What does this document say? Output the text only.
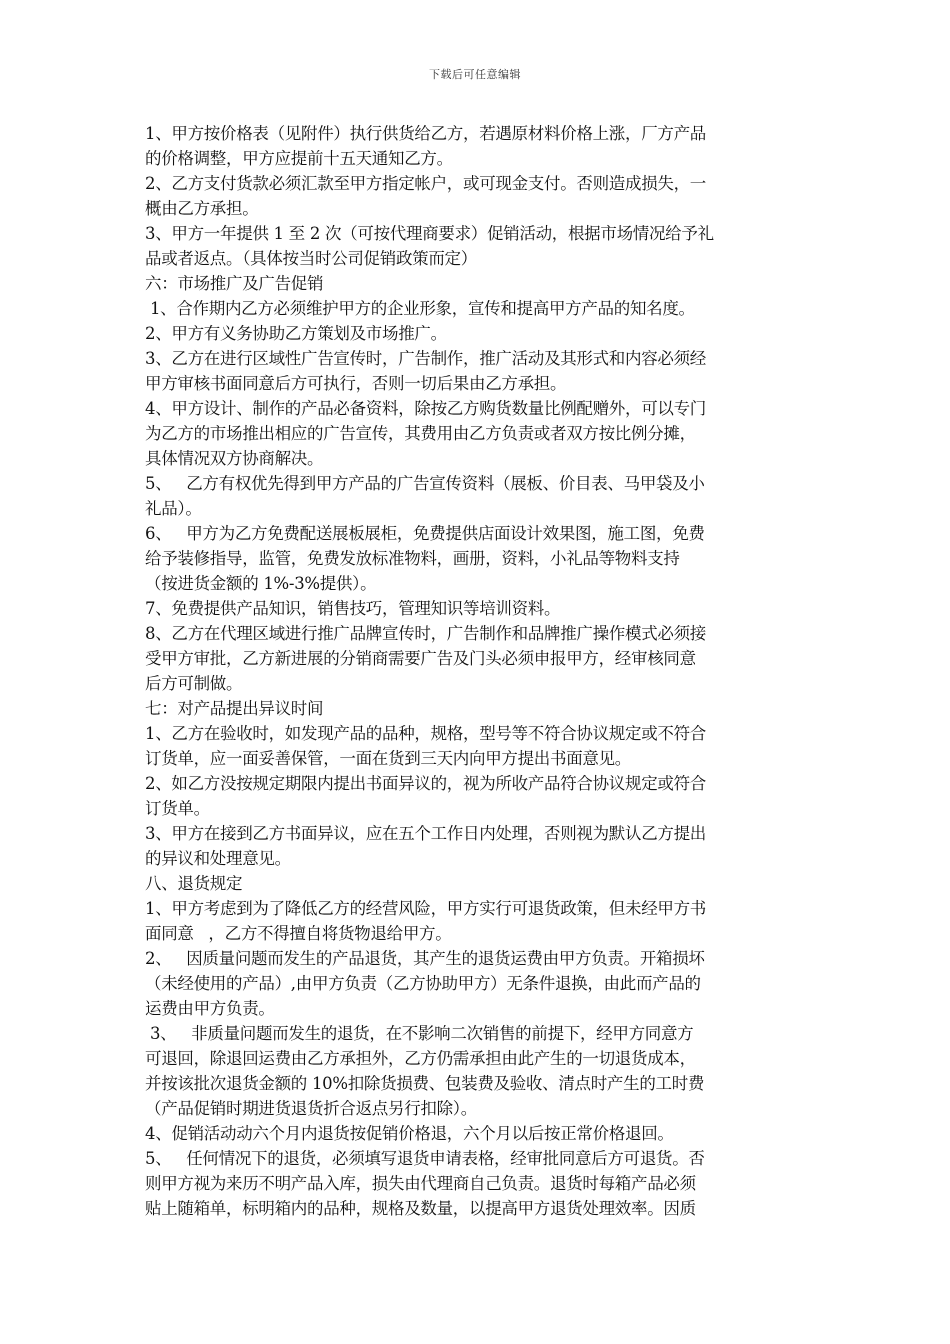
下载后可任意编辑
1、甲方按价格表（见附件）执行供货给乙方，若遇原材料价格上涨，厂方产品
的价格调整，甲方应提前十五天通知乙方。
2、乙方支付货款必须汇款至甲方指定帐户，或可现金支付。否则造成损失，一
概由乙方承担。
3、甲方一年提供 1 至 2 次（可按代理商要求）促销活动，根据市场情况给予礼
品或者返点。（具体按当时公司促销政策而定）
六：市场推广及广告促销
1、合作期内乙方必须维护甲方的企业形象，宣传和提高甲方产品的知名度。
2、甲方有义务协助乙方策划及市场推广。
3、乙方在进行区域性广告宣传时，广告制作，推广活动及其形式和内容必须经
甲方审核书面同意后方可执行，否则一切后果由乙方承担。
4、甲方设计、制作的产品必备资料，除按乙方购货数量比例配赠外，可以专门
为乙方的市场推出相应的广告宣传，其费用由乙方负责或者双方按比例分摊，
具体情况双方协商解决。
5、   乙方有权优先得到甲方产品的广告宣传资料（展板、价目表、马甲袋及小
礼品）。
6、   甲方为乙方免费配送展板展柜，免费提供店面设计效果图，施工图，免费
给予装修指导，监管，免费发放标准物料，画册，资料，小礼品等物料支持
（按进货金额的 1%-3%提供）。
7、免费提供产品知识，销售技巧，管理知识等培训资料。
8、乙方在代理区域进行推广品牌宣传时，广告制作和品牌推广操作模式必须接
受甲方审批，乙方新进展的分销商需要广告及门头必须申报甲方，经审核同意
后方可制做。
七：对产品提出异议时间
1、乙方在验收时，如发现产品的品种，规格，型号等不符合协议规定或不符合
订货单，应一面妥善保管，一面在货到三天内向甲方提出书面意见。
2、如乙方没按规定期限内提出书面异议的，视为所收产品符合协议规定或符合
订货单。
3、甲方在接到乙方书面异议，应在五个工作日内处理，否则视为默认乙方提出
的异议和处理意见。
八、退货规定
1、甲方考虑到为了降低乙方的经营风险，甲方实行可退货政策，但未经甲方书
面同意   ，乙方不得擅自将货物退给甲方。
2、   因质量问题而发生的产品退货，其产生的退货运费由甲方负责。开箱损坏
（未经使用的产品）,由甲方负责（乙方协助甲方）无条件退换，由此而产品的
运费由甲方负责。
3、   非质量问题而发生的退货，在不影响二次销售的前提下，经甲方同意方
可退回，除退回运费由乙方承担外，乙方仍需承担由此产生的一切退货成本，
并按该批次退货金额的 10%扣除货损费、包装费及验收、清点时产生的工时费
（产品促销时期进货退货折合返点另行扣除）。
4、促销活动动六个月内退货按促销价格退，六个月以后按正常价格退回。
5、   任何情况下的退货，必须填写退货申请表格，经审批同意后方可退货。否
则甲方视为来历不明产品入库，损失由代理商自己负责。退货时每箱产品必须
贴上随箱单，标明箱内的品种，规格及数量，以提高甲方退货处理效率。因质
